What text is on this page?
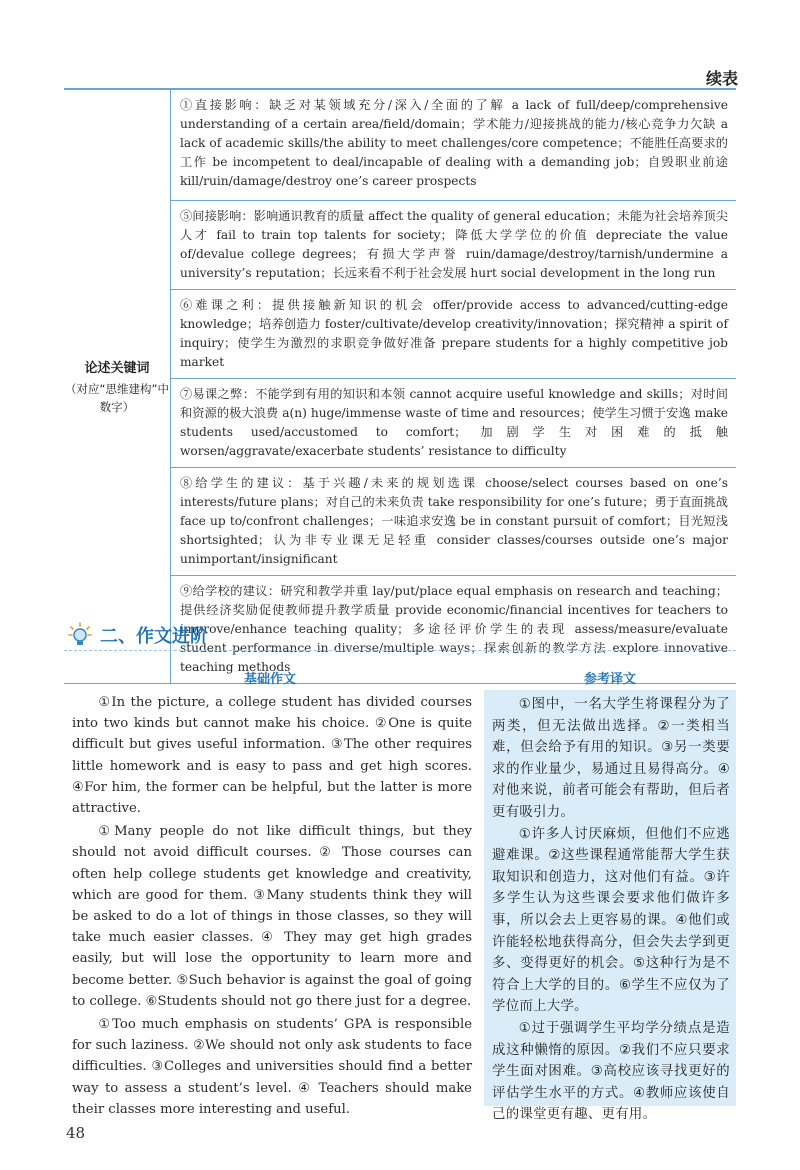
续表
论述关键词
（对应“思维建构”中数字）
	①直接影响：缺乏对某领域充分/深入/全面的了解 a lack of full/deep/comprehensive understanding of a certain area/field/domain；学术能力/迎接挑战的能力/核心竞争力欠缺 a lack of academic skills/the ability to meet challenges/core competence；不能胜任高要求的工作 be incompetent to deal/incapable of dealing with a demanding job；自毁职业前途 kill/ruin/damage/destroy one’s career prospects
⑤间接影响：影响通识教育的质量 affect the quality of general education；未能为社会培养顶尖人才 fail to train top talents for society；降低大学学位的价值 depreciate the value of/devalue college degrees；有损大学声誉 ruin/damage/destroy/tarnish/undermine a university’s reputation；长远来看不利于社会发展 hurt social development in the long run
⑥难课之利：提供接触新知识的机会 offer/provide access to advanced/cutting-edge knowledge；培养创造力 foster/cultivate/develop creativity/innovation；探究精神 a spirit of inquiry；使学生为激烈的求职竞争做好准备 prepare students for a highly competitive job market
⑦易课之弊：不能学到有用的知识和本领 cannot acquire useful knowledge and skills；对时间和资源的极大浪费 a(n) huge/immense waste of time and resources；使学生习惯于安逸 make students used/accustomed to comfort；加剧学生对困难的抵触 worsen/aggravate/exacerbate students’ resistance to difficulty
⑧给学生的建议：基于兴趣/未来的规划选课 choose/select courses based on one’s interests/future plans；对自己的未来负责 take responsibility for one’s future；勇于直面挑战 face up to/confront challenges；一味追求安逸 be in constant pursuit of comfort；目光短浅 shortsighted；认为非专业课无足轻重 consider classes/courses outside one’s major unimportant/insignificant
⑨给学校的建议：研究和教学并重 lay/put/place equal emphasis on research and teaching；提供经济奖励促使教师提升教学质量 provide economic/financial incentives for teachers to improve/enhance teaching quality；多途径评价学生的表现 assess/measure/evaluate student performance in diverse/multiple ways；探索创新的教学方法 explore innovative teaching methods
二、作文进阶
基础作文	参考译文

①In the picture, a college student has divided courses into two kinds but cannot make his choice. ②One is quite difficult but gives useful information. ③The other requires little homework and is easy to pass and get high scores. ④For him, the former can be helpful, but the latter is more attractive.

①Many people do not like difficult things, but they should not avoid difficult courses. ② Those courses can often help college students get knowledge and creativity, which are good for them. ③Many students think they will be asked to do a lot of things in those classes, so they will take much easier classes. ④ They may get high grades easily, but will lose the opportunity to learn more and become better. ⑤Such behavior is against the goal of going to college. ⑥Students should not go there just for a degree.

①Too much emphasis on students’ GPA is responsible for such laziness. ②We should not only ask students to face difficulties. ③Colleges and universities should find a better way to assess a student’s level. ④ Teachers should make their classes more interesting and useful.

①图中，一名大学生将课程分为了两类，但无法做出选择。②一类相当难，但会给予有用的知识。③另一类要求的作业量少，易通过且易得高分。④对他来说，前者可能会有帮助，但后者更有吸引力。

①许多人讨厌麻烦，但他们不应逃避难课。②这些课程通常能帮大学生获取知识和创造力，这对他们有益。③许多学生认为这些课会要求他们做许多事，所以会去上更容易的课。④他们或许能轻松地获得高分，但会失去学到更多、变得更好的机会。⑤这种行为是不符合上大学的目的。⑥学生不应仅为了学位而上大学。

①过于强调学生平均学分绩点是造成这种懒惰的原因。②我们不应只要求学生面对困难。③高校应该寻找更好的评估学生水平的方式。④教师应该使自己的课堂更有趣、更有用。

48
